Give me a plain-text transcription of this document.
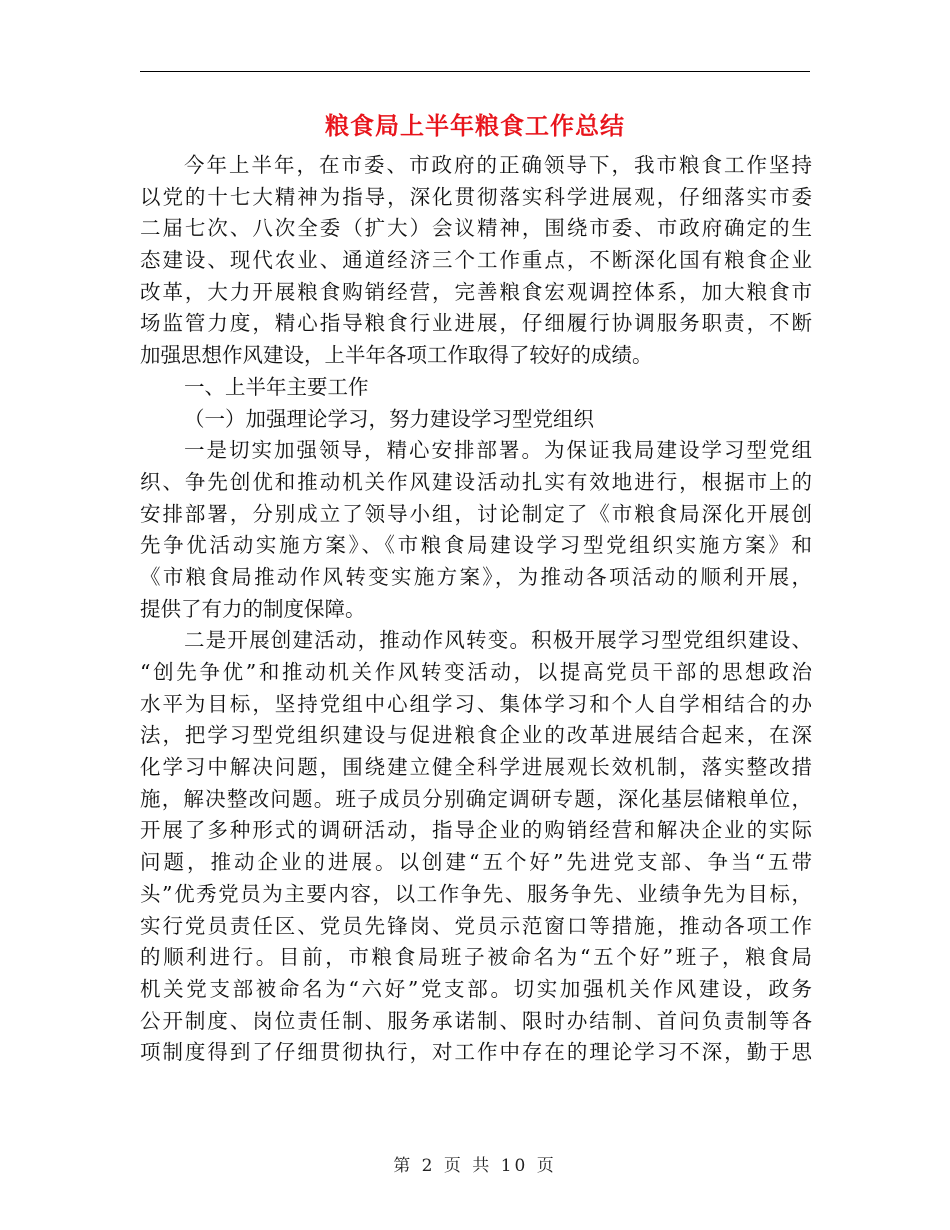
粮食局上半年粮食工作总结
今年上半年，在市委、市政府的正确领导下，我市粮食工作坚持
以党的十七大精神为指导，深化贯彻落实科学进展观，仔细落实市委
二届七次、八次全委（扩大）会议精神，围绕市委、市政府确定的生
态建设、现代农业、通道经济三个工作重点，不断深化国有粮食企业
改革，大力开展粮食购销经营，完善粮食宏观调控体系，加大粮食市
场监管力度，精心指导粮食行业进展，仔细履行协调服务职责，不断
加强思想作风建设，上半年各项工作取得了较好的成绩。
一、上半年主要工作
（一）加强理论学习，努力建设学习型党组织
一是切实加强领导，精心安排部署。为保证我局建设学习型党组
织、争先创优和推动机关作风建设活动扎实有效地进行，根据市上的
安排部署，分别成立了领导小组，讨论制定了《市粮食局深化开展创
先争优活动实施方案》、《市粮食局建设学习型党组织实施方案》和
《市粮食局推动作风转变实施方案》，为推动各项活动的顺利开展，
提供了有力的制度保障。
二是开展创建活动，推动作风转变。积极开展学习型党组织建设、
“创先争优”和推动机关作风转变活动，以提高党员干部的思想政治
水平为目标，坚持党组中心组学习、集体学习和个人自学相结合的办
法，把学习型党组织建设与促进粮食企业的改革进展结合起来，在深
化学习中解决问题，围绕建立健全科学进展观长效机制，落实整改措
施，解决整改问题。班子成员分别确定调研专题，深化基层储粮单位，
开展了多种形式的调研活动，指导企业的购销经营和解决企业的实际
问题，推动企业的进展。以创建“五个好”先进党支部、争当“五带
头”优秀党员为主要内容，以工作争先、服务争先、业绩争先为目标，
实行党员责任区、党员先锋岗、党员示范窗口等措施，推动各项工作
的顺利进行。目前，市粮食局班子被命名为“五个好”班子，粮食局
机关党支部被命名为“六好”党支部。切实加强机关作风建设，政务
公开制度、岗位责任制、服务承诺制、限时办结制、首问负责制等各
项制度得到了仔细贯彻执行，对工作中存在的理论学习不深，勤于思
第 2 页 共 10 页
